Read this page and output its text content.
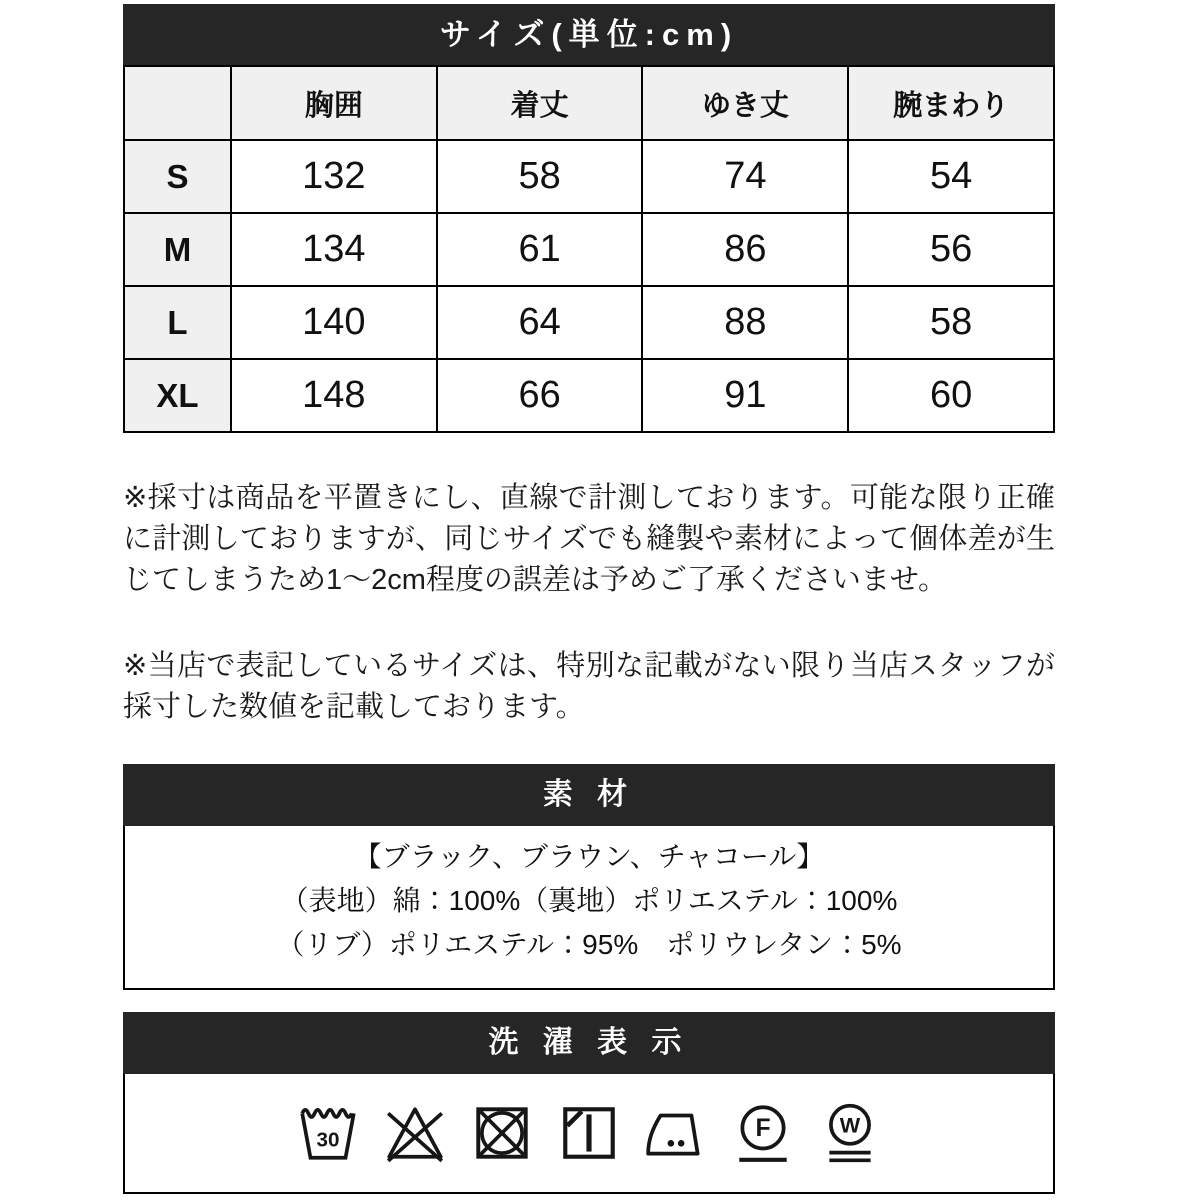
サイズ(単位:cm)
	胸囲	着丈	ゆき丈	腕まわり
S	132	58	74	54
M	134	61	86	56
L	140	64	88	58
XL	148	66	91	60

※採寸は商品を平置きにし、直線で計測しております。可能な限り正確に計測しておりますが、同じサイズでも縫製や素材によって個体差が生じてしまうため1〜2cm程度の誤差は予めご了承くださいませ。

※当店で表記しているサイズは、特別な記載がない限り当店スタッフが採寸した数値を記載しております。

素 材
【ブラック、ブラウン、チャコール】
（表地）綿：100%（裏地）ポリエステル：100%
（リブ）ポリエステル：95%　ポリウレタン：5%
洗 濯 表 示
30	F	W
